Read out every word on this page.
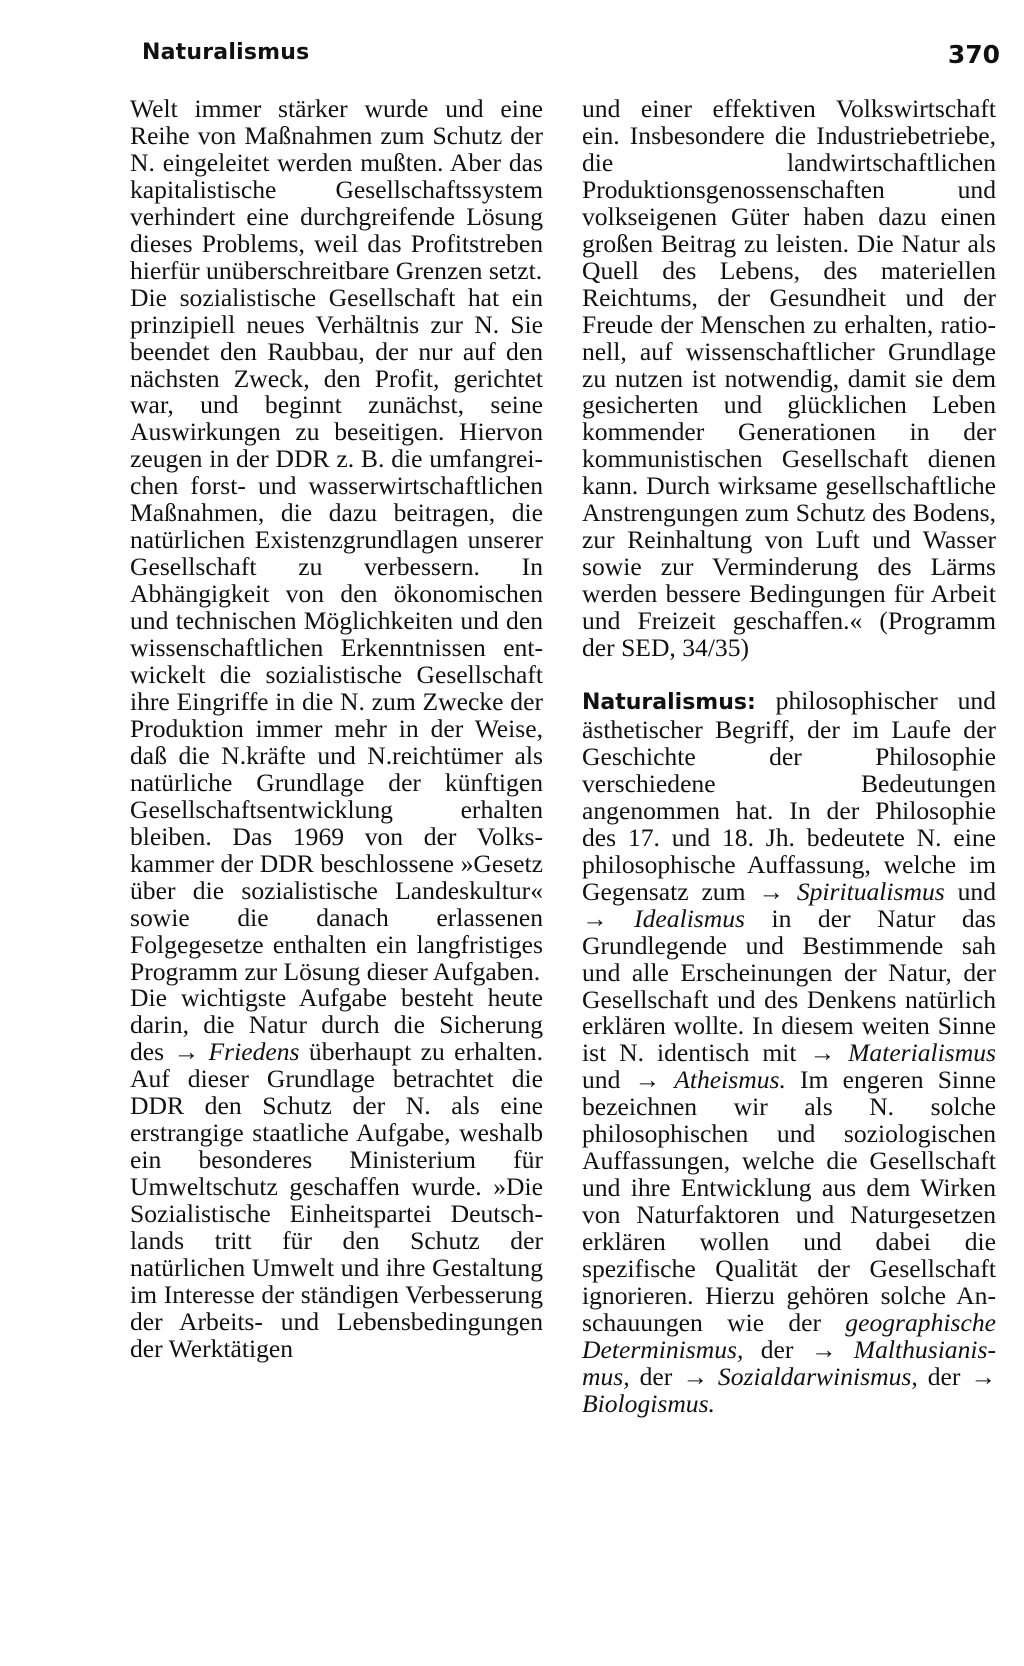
Naturalismus	370

Welt immer stärker wurde und eine Reihe von Maßnahmen zum Schutz der N. eingeleitet werden mußten. Aber das kapitalistische Gesellschaftssystem verhindert eine durchgreifende Lösung dieses Problems, weil das Profitstreben hierfür unüberschreitbare Grenzen setzt.

Die sozialistische Gesellschaft hat ein prinzipiell neues Verhältnis zur N. Sie beendet den Raubbau, der nur auf den nächsten Zweck, den Profit, gerichtet war, und beginnt zunächst, seine Auswirkungen zu beseitigen. Hiervon zeugen in der DDR z. B. die umfangreichen forst- und wasserwirtschaftlichen Maßnahmen, die dazu beitragen, die natürlichen Existenzgrundlagen unserer Gesellschaft zu verbessern. In Abhängigkeit von den ökonomischen und technischen Möglichkeiten und den wissenschaftlichen Erkenntnissen entwickelt die sozialistische Gesellschaft ihre Eingriffe in die N. zum Zwecke der Produktion immer mehr in der Weise, daß die N.kräfte und N.reichtümer als natürliche Grundlage der künftigen Gesellschaftsentwicklung erhalten bleiben. Das 1969 von der Volkskammer der DDR beschlossene »Gesetz über die sozialistische Landeskultur« sowie die danach erlassenen Folgegesetze enthalten ein langfristiges Programm zur Lösung dieser Aufgaben.

Die wichtigste Aufgabe besteht heute darin, die Natur durch die Sicherung des → Friedens überhaupt zu erhalten. Auf dieser Grundlage betrachtet die DDR den Schutz der N. als eine erstrangige staatliche Aufgabe, weshalb ein besonderes Ministerium für Umweltschutz geschaffen wurde. »Die Sozialistische Einheitspartei Deutschlands tritt für den Schutz der natürlichen Umwelt und ihre Gestaltung im Interesse der ständigen Verbesserung der Arbeits- und Lebensbedingungen der Werktätigen

und einer effektiven Volkswirtschaft ein. Insbesondere die Industriebetriebe, die landwirtschaftlichen Produktionsgenossenschaften und volkseigenen Güter haben dazu einen großen Beitrag zu leisten. Die Natur als Quell des Lebens, des materiellen Reichtums, der Gesundheit und der Freude der Menschen zu erhalten, rationell, auf wissenschaftlicher Grundlage zu nutzen ist notwendig, damit sie dem gesicherten und glücklichen Leben kommender Generationen in der kommunistischen Gesellschaft dienen kann. Durch wirksame gesellschaftliche Anstrengungen zum Schutz des Bodens, zur Reinhaltung von Luft und Wasser sowie zur Verminderung des Lärms werden bessere Bedingungen für Arbeit und Freizeit geschaffen.« (Programm der SED, 34/35)

Naturalismus: philosophischer und ästhetischer Begriff, der im Laufe der Geschichte der Philosophie verschiedene Bedeutungen angenommen hat. In der Philosophie des 17. und 18. Jh. bedeutete N. eine philosophische Auffassung, welche im Gegensatz zum → Spiritualismus und → Idealismus in der Natur das Grundlegende und Bestimmende sah und alle Erscheinungen der Natur, der Gesellschaft und des Denkens natürlich erklären wollte. In diesem weiten Sinne ist N. identisch mit → Materialismus und → Atheismus. Im engeren Sinne bezeichnen wir als N. solche philosophischen und soziologischen Auffassungen, welche die Gesellschaft und ihre Entwicklung aus dem Wirken von Naturfaktoren und Naturgesetzen erklären wollen und dabei die spezifische Qualität der Gesellschaft ignorieren. Hierzu gehören solche Anschauungen wie der geographische Determinismus, der → Malthusianismus, der → Sozialdarwinismus, der → Biologismus.
